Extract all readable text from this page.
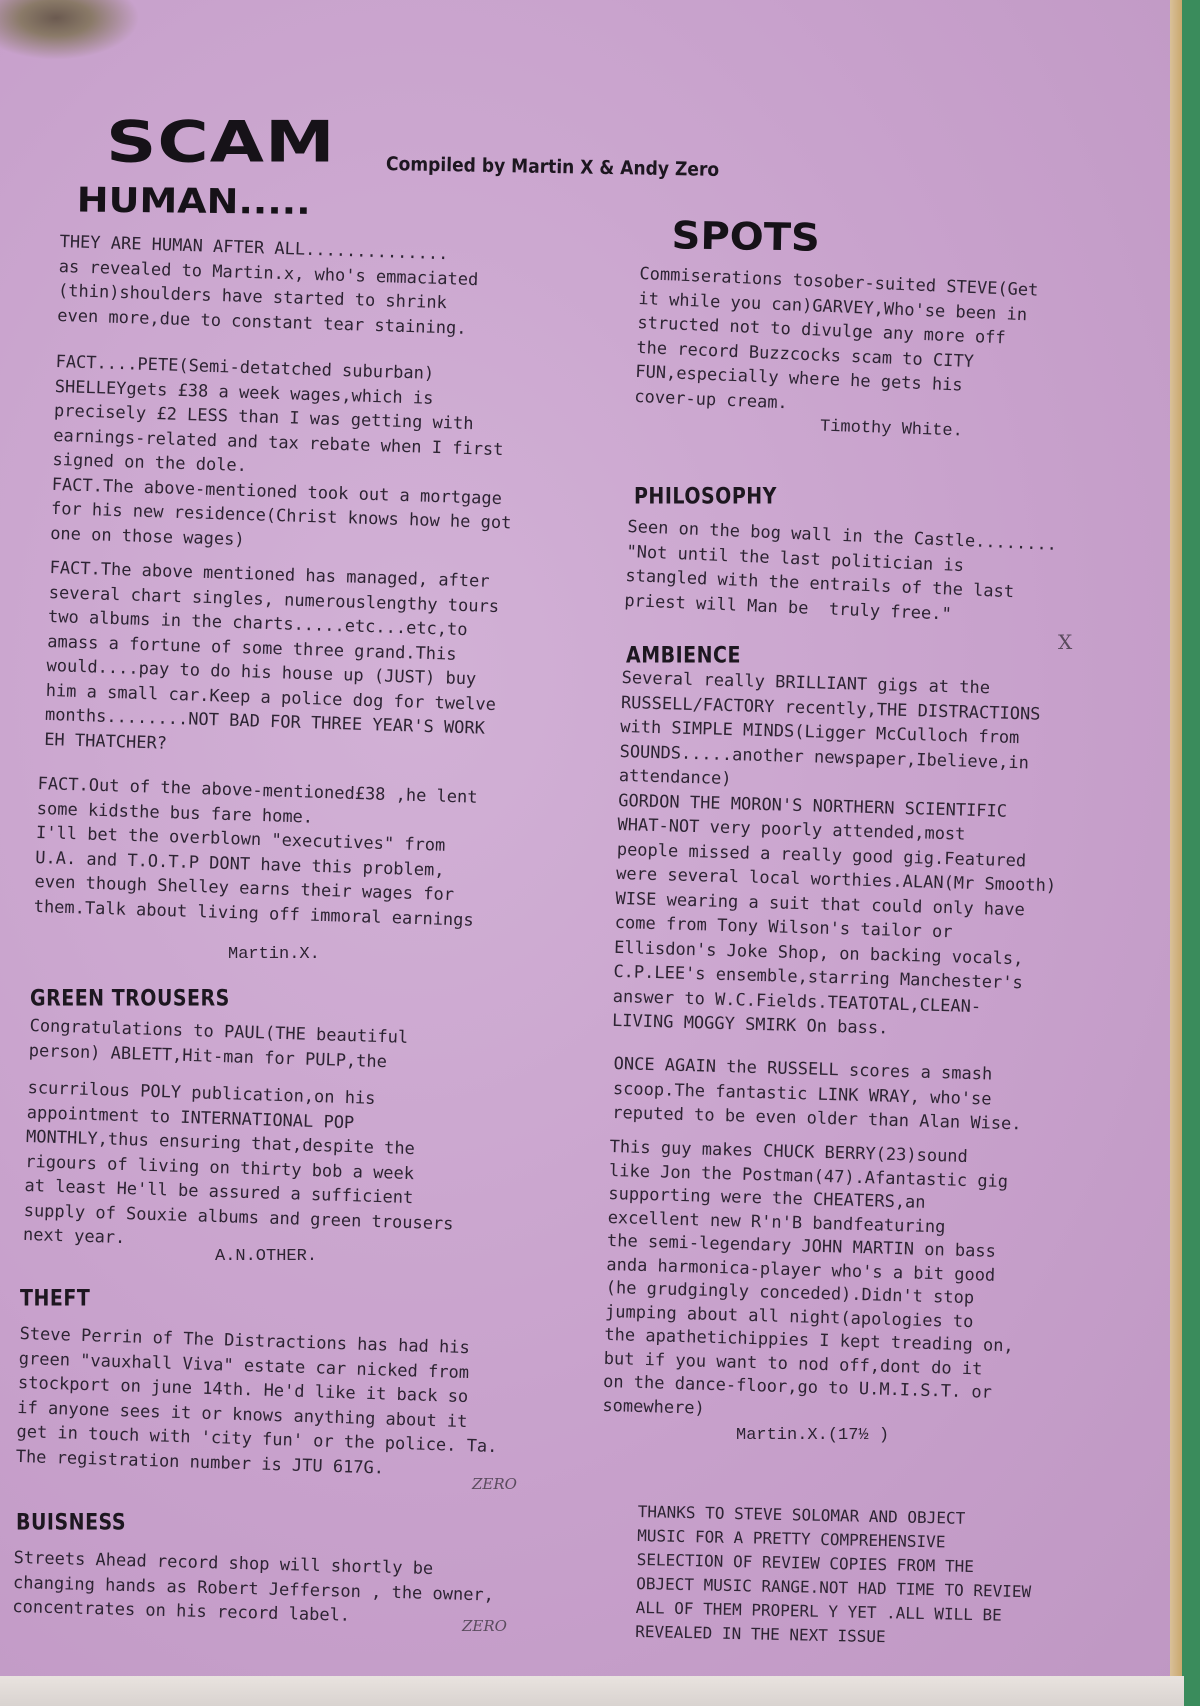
SCAM	Compiled by Martin X & Andy Zero
HUMAN.....
THEY ARE HUMAN AFTER ALL..............
as revealed to Martin.x, who's emmaciated
(thin)shoulders have started to shrink
even more,due to constant tear staining.
FACT....PETE(Semi-detatched suburban)
SHELLEYgets £38 a week wages,which is
precisely £2 LESS than I was getting with
earnings-related and tax rebate when I first
signed on the dole.
FACT.The above-mentioned took out a mortgage
for his new residence(Christ knows how he got
one on those wages)
FACT.The above mentioned has managed, after
several chart singles, numerouslengthy tours
two albums in the charts.....etc...etc,to
amass a fortune of some three grand.This
would....pay to do his house up (JUST) buy
him a small car.Keep a police dog for twelve
months........NOT BAD FOR THREE YEAR'S WORK
EH THATCHER?
FACT.Out of the above-mentioned£38 ,he lent
some kidsthe bus fare home.
I'll bet the overblown "executives" from
U.A. and T.O.T.P DONT have this problem,
even though Shelley earns their wages for
them.Talk about living off immoral earnings
Martin.X.
GREEN TROUSERS
Congratulations to PAUL(THE beautiful
person) ABLETT,Hit-man for PULP,the
scurrilous POLY publication,on his
appointment to INTERNATIONAL POP
MONTHLY,thus ensuring that,despite the
rigours of living on thirty bob a week
at least He'll be assured a sufficient
supply of Souxie albums and green trousers
next year.
A.N.OTHER.
THEFT
Steve Perrin of The Distractions has had his
green "vauxhall Viva" estate car nicked from
stockport on june 14th. He'd like it back so
if anyone sees it or knows anything about it
get in touch with 'city fun' or the police. Ta.
The registration number is JTU 617G.
ZERO
BUISNESS
Streets Ahead record shop will shortly be
changing hands as Robert Jefferson , the owner,
concentrates on his record label.
ZERO
SPOTS
Commiserations tosober-suited STEVE(Get
it while you can)GARVEY,Who'se been in
structed not to divulge any more off
the record Buzzcocks scam to CITY
FUN,especially where he gets his
cover-up cream.
Timothy White.
PHILOSOPHY
Seen on the bog wall in the Castle........
"Not until the last politician is
stangled with the entrails of the last
priest will Man be  truly free."
X
AMBIENCE
Several really BRILLIANT gigs at the
RUSSELL/FACTORY recently,THE DISTRACTIONS
with SIMPLE MINDS(Ligger McCulloch from
SOUNDS.....another newspaper,Ibelieve,in
attendance)
GORDON THE MORON'S NORTHERN SCIENTIFIC
WHAT-NOT very poorly attended,most
people missed a really good gig.Featured
were several local worthies.ALAN(Mr Smooth)
WISE wearing a suit that could only have
come from Tony Wilson's tailor or
Ellisdon's Joke Shop, on backing vocals,
C.P.LEE's ensemble,starring Manchester's
answer to W.C.Fields.TEATOTAL,CLEAN-
LIVING MOGGY SMIRK On bass.
ONCE AGAIN the RUSSELL scores a smash
scoop.The fantastic LINK WRAY, who'se
reputed to be even older than Alan Wise.
This guy makes CHUCK BERRY(23)sound
like Jon the Postman(47).Afantastic gig
supporting were the CHEATERS,an
excellent new R'n'B bandfeaturing
the semi-legendary JOHN MARTIN on bass
anda harmonica-player who's a bit good
(he grudgingly conceded).Didn't stop
jumping about all night(apologies to
the apathetichippies I kept treading on,
but if you want to nod off,dont do it
on the dance-floor,go to U.M.I.S.T. or
somewhere)
Martin.X.(17½ )
THANKS TO STEVE SOLOMAR AND OBJECT
MUSIC FOR A PRETTY COMPREHENSIVE
SELECTION OF REVIEW COPIES FROM THE
OBJECT MUSIC RANGE.NOT HAD TIME TO REVIEW
ALL OF THEM PROPERL Y YET .ALL WILL BE
REVEALED IN THE NEXT ISSUE
